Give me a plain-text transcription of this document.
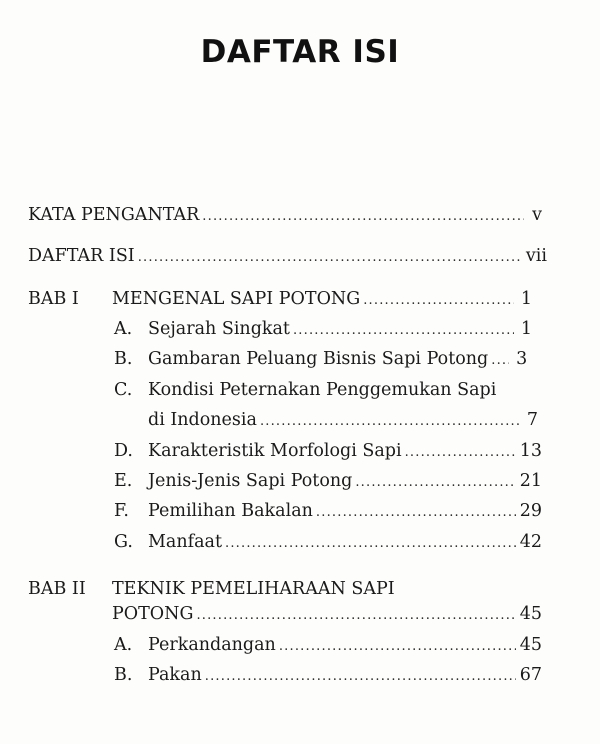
DAFTAR ISI
KATA PENGANTAR .....	v
DAFTAR ISI .....	vii
BAB I MENGENAL SAPI POTONG .....	1
A. Sejarah Singkat .....	1
B. Gambaran Peluang Bisnis Sapi Potong ..... 3
C. Kondisi Peternakan Penggemukan Sapi
di Indonesia .....	7
D. Karakteristik Morfologi Sapi .....	13
E. Jenis-Jenis Sapi Potong .....	21
F.	Pemilihan Bakalan .....	29
G. Manfaat .....	42
BAB II TEKNIK PEMELIHARAAN SAPI
POTONG .....	45
A. Perkandangan .....	45
B. Pakan .....	67
